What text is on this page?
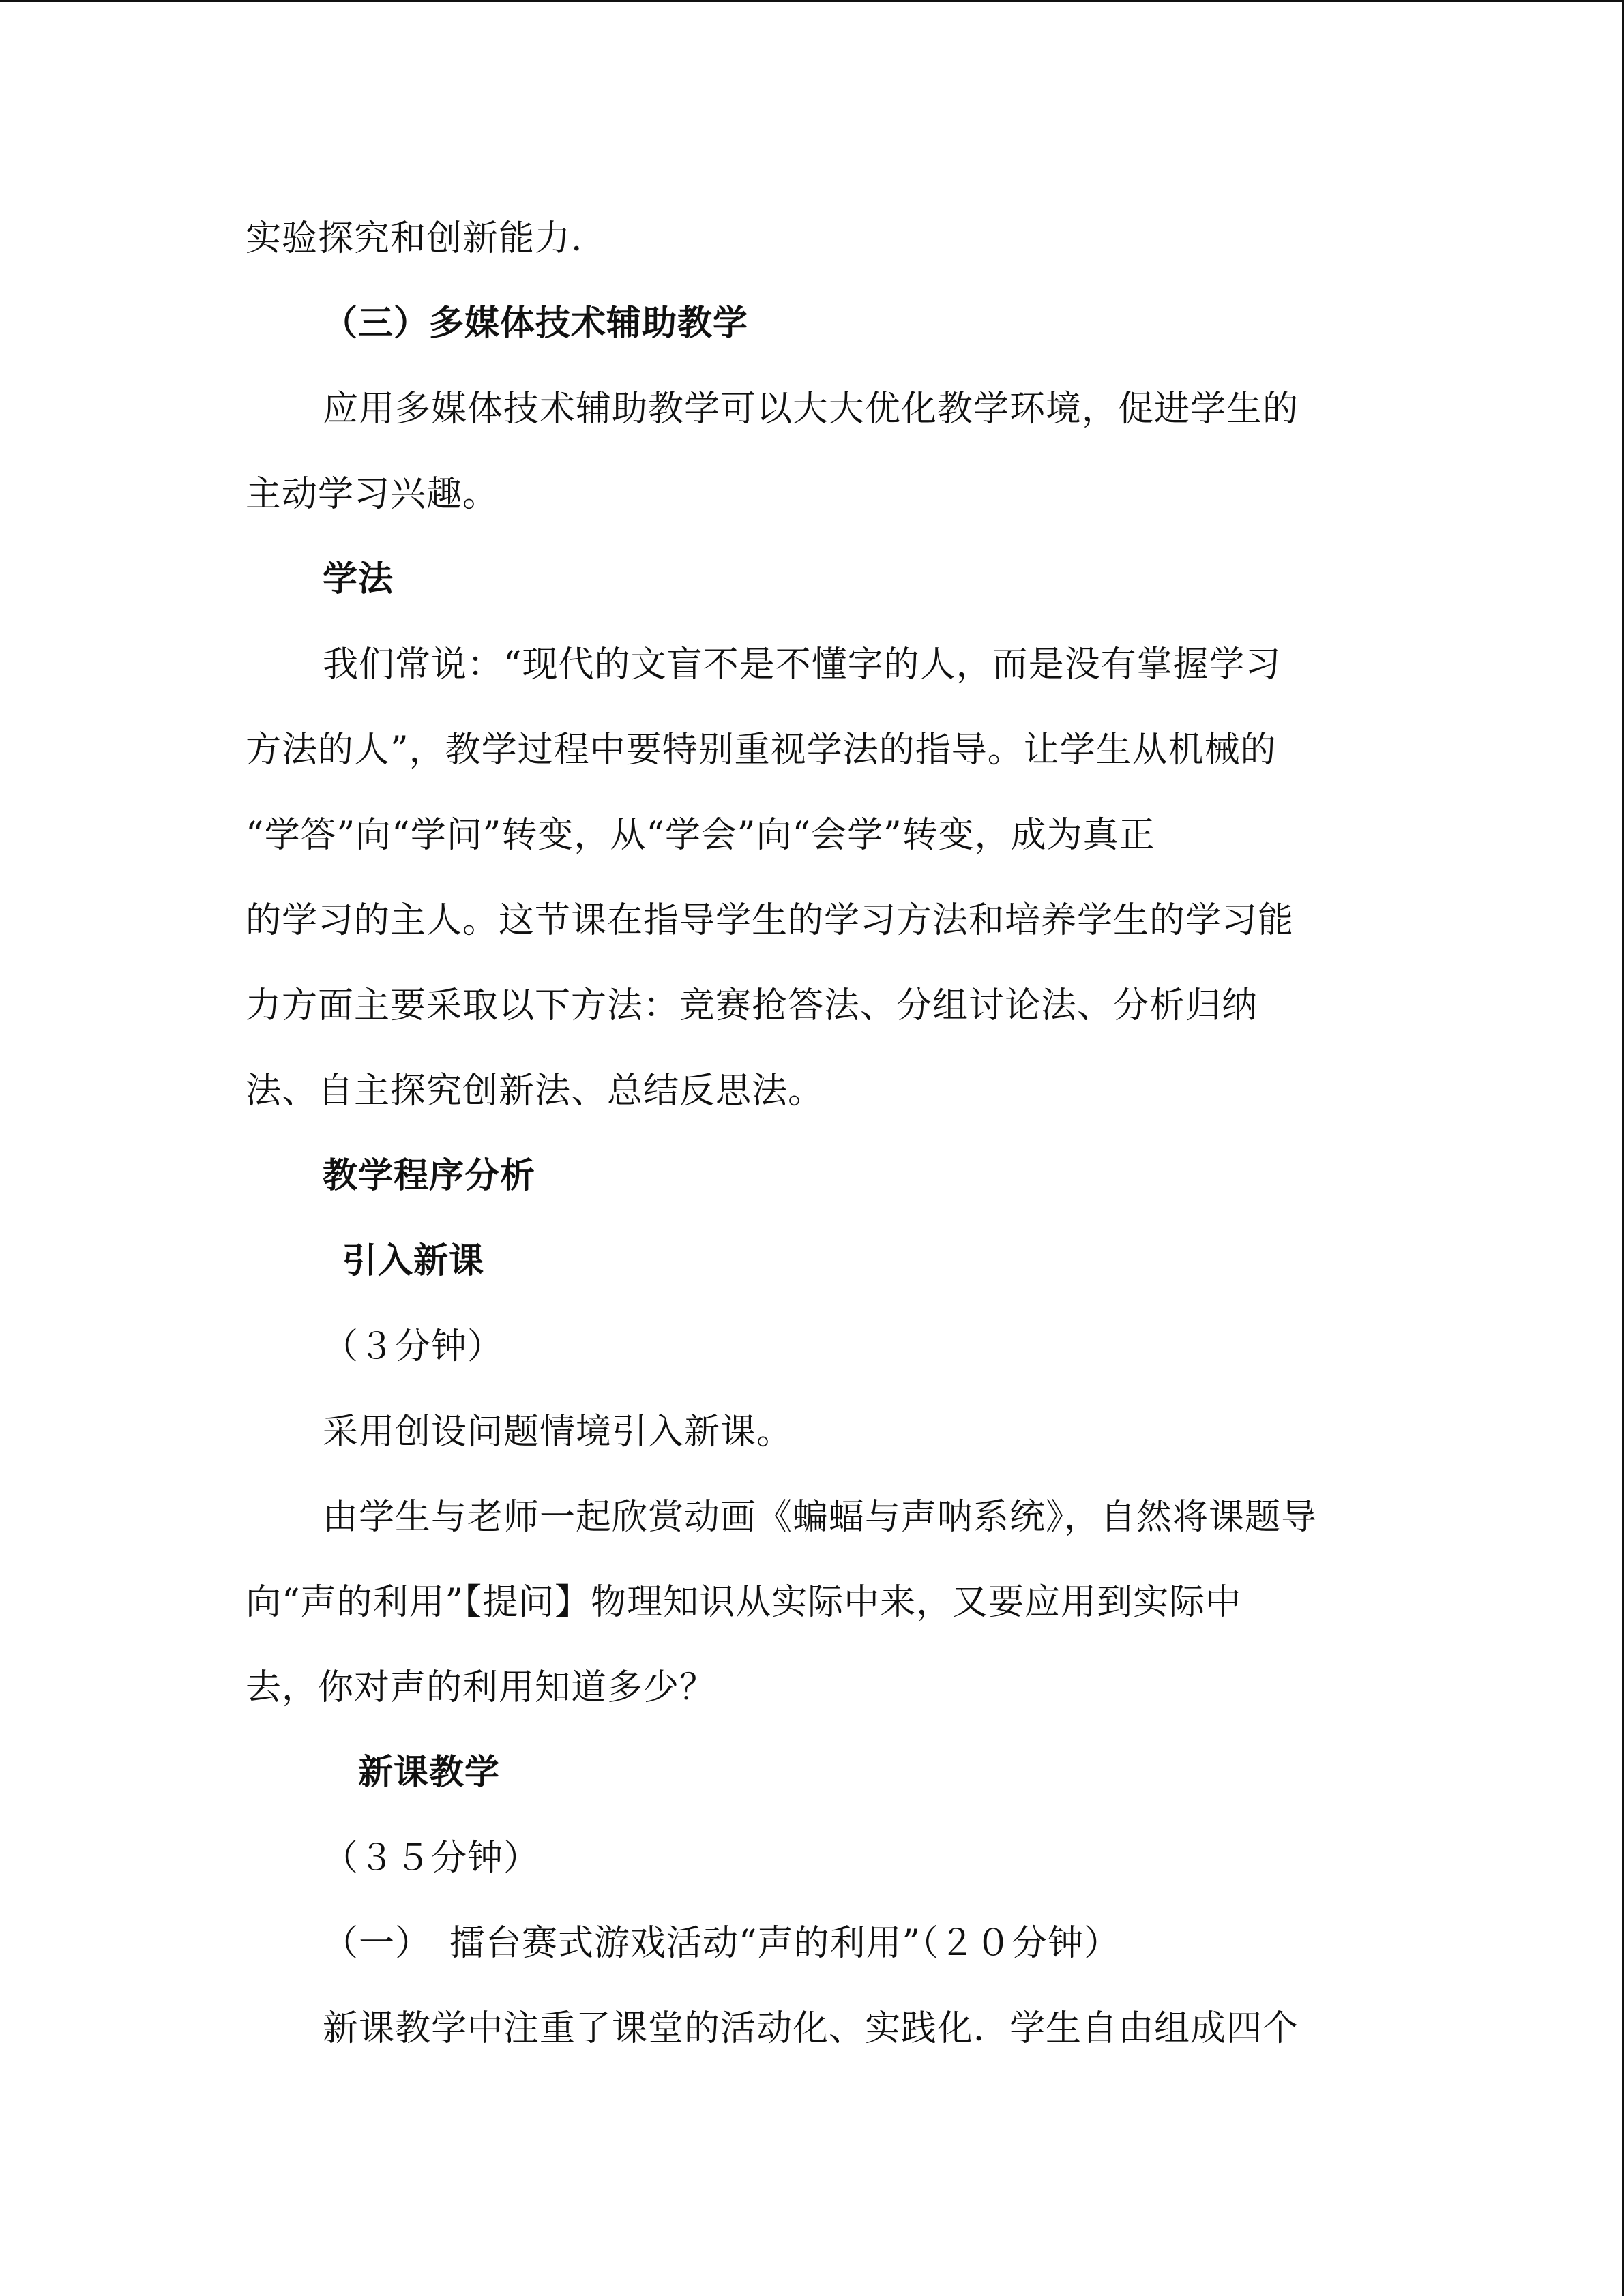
实验探究和创新能力.
（三）多媒体技术辅助教学
应用多媒体技术辅助教学可以大大优化教学环境，促进学生的
主动学习兴趣。
学法
我们常说：“现代的文盲不是不懂字的人，而是没有掌握学习
方法的人”，教学过程中要特别重视学法的指导。让学生从机械的
“学答”向“学问”转变，从“学会”向“会学”转变，成为真正
的学习的主人。这节课在指导学生的学习方法和培养学生的学习能
力方面主要采取以下方法：竞赛抢答法、分组讨论法、分析归纳
法、自主探究创新法、总结反思法。
教学程序分析
引入新课
（３分钟）
采用创设问题情境引入新课。
由学生与老师一起欣赏动画《蝙蝠与声呐系统》，自然将课题导
向“声的利用”【提问】物理知识从实际中来，又要应用到实际中
去，你对声的利用知道多少？
新课教学
（３５分钟）
（一）　擂台赛式游戏活动“声的利用”（２０分钟）
新课教学中注重了课堂的活动化、实践化．学生自由组成四个
